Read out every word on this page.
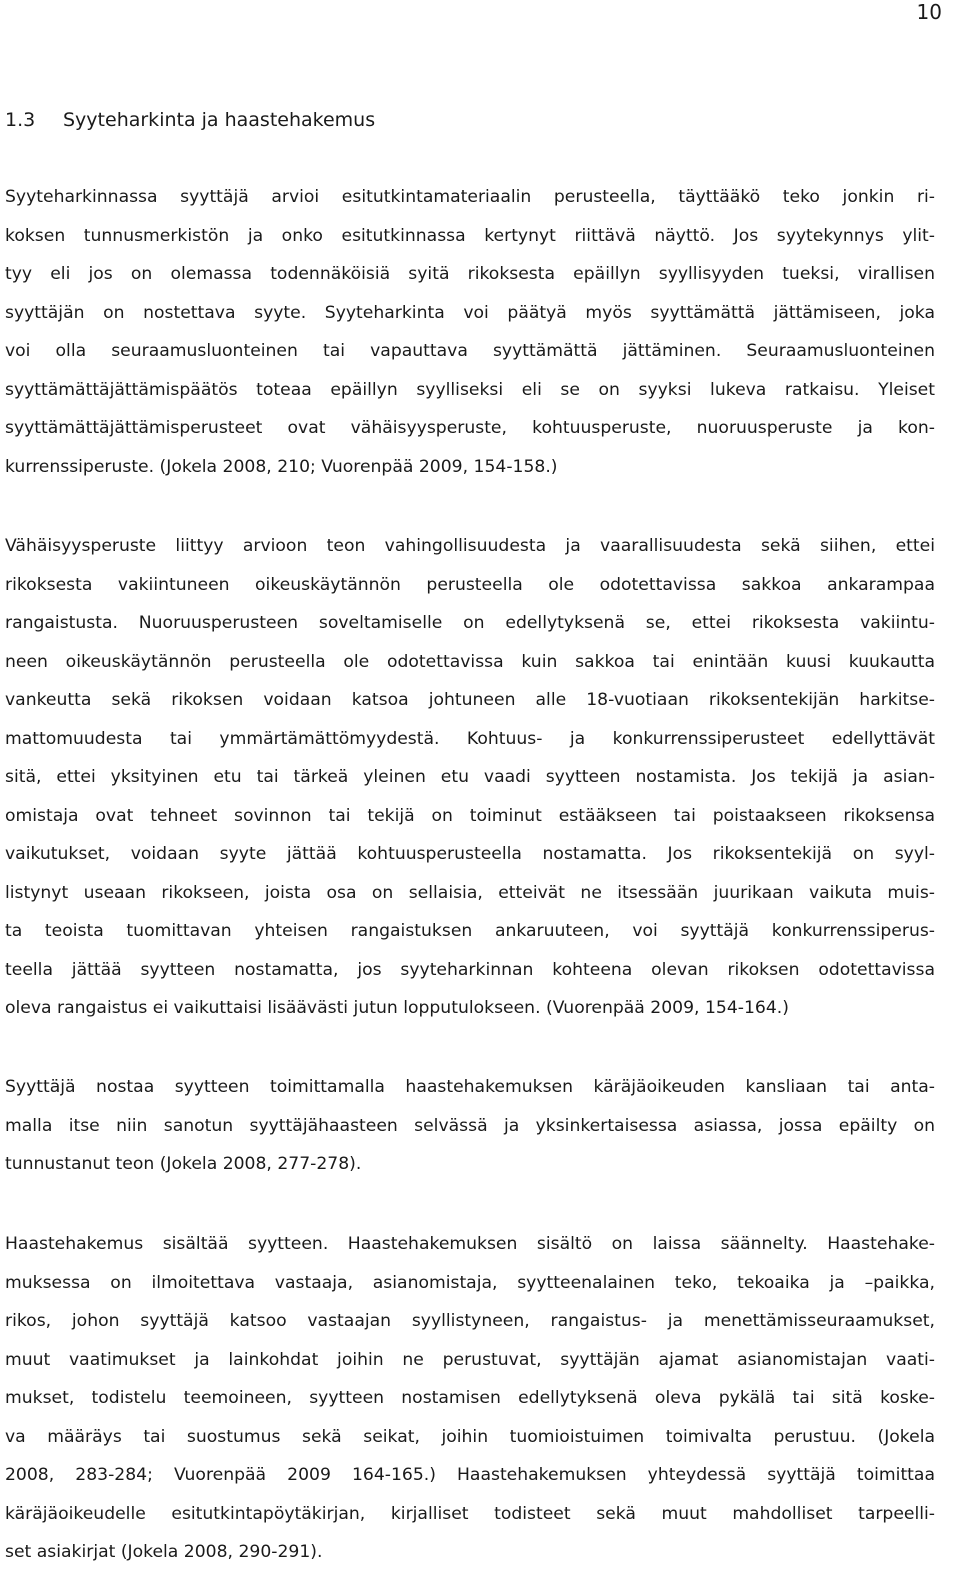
10
1.3 Syyteharkinta ja haastehakemus

Syyteharkinnassa syyttäjä arvioi esitutkintamateriaalin perusteella, täyttääkö teko jonkin ri-
koksen tunnusmerkistön ja onko esitutkinnassa kertynyt riittävä näyttö. Jos syytekynnys ylit-
tyy eli jos on olemassa todennäköisiä syitä rikoksesta epäillyn syyllisyyden tueksi, virallisen
syyttäjän on nostettava syyte. Syyteharkinta voi päätyä myös syyttämättä jättämiseen, joka
voi olla seuraamusluonteinen tai vapauttava syyttämättä jättäminen. Seuraamusluonteinen
syyttämättäjättämispäätös toteaa epäillyn syylliseksi eli se on syyksi lukeva ratkaisu. Yleiset
syyttämättäjättämisperusteet ovat vähäisyysperuste, kohtuusperuste, nuoruusperuste ja kon-
kurrenssiperuste. (Jokela 2008, 210; Vuorenpää 2009, 154-158.)

Vähäisyysperuste liittyy arvioon teon vahingollisuudesta ja vaarallisuudesta sekä siihen, ettei
rikoksesta vakiintuneen oikeuskäytännön perusteella ole odotettavissa sakkoa ankarampaa
rangaistusta. Nuoruusperusteen soveltamiselle on edellytyksenä se, ettei rikoksesta vakiintu-
neen oikeuskäytännön perusteella ole odotettavissa kuin sakkoa tai enintään kuusi kuukautta
vankeutta sekä rikoksen voidaan katsoa johtuneen alle 18-vuotiaan rikoksentekijän harkitse-
mattomuudesta tai ymmärtämättömyydestä. Kohtuus- ja konkurrenssiperusteet edellyttävät
sitä, ettei yksityinen etu tai tärkeä yleinen etu vaadi syytteen nostamista. Jos tekijä ja asian-
omistaja ovat tehneet sovinnon tai tekijä on toiminut estääkseen tai poistaakseen rikoksensa
vaikutukset, voidaan syyte jättää kohtuusperusteella nostamatta. Jos rikoksentekijä on syyl-
listynyt useaan rikokseen, joista osa on sellaisia, etteivät ne itsessään juurikaan vaikuta muis-
ta teoista tuomittavan yhteisen rangaistuksen ankaruuteen, voi syyttäjä konkurrenssiperus-
teella jättää syytteen nostamatta, jos syyteharkinnan kohteena olevan rikoksen odotettavissa
oleva rangaistus ei vaikuttaisi lisäävästi jutun lopputulokseen. (Vuorenpää 2009, 154-164.)

Syyttäjä nostaa syytteen toimittamalla haastehakemuksen käräjäoikeuden kansliaan tai anta-
malla itse niin sanotun syyttäjähaasteen selvässä ja yksinkertaisessa asiassa, jossa epäilty on
tunnustanut teon (Jokela 2008, 277-278).

Haastehakemus sisältää syytteen. Haastehakemuksen sisältö on laissa säännelty. Haastehake-
muksessa on ilmoitettava vastaaja, asianomistaja, syytteenalainen teko, tekoaika ja –paikka,
rikos, johon syyttäjä katsoo vastaajan syyllistyneen, rangaistus- ja menettämisseuraamukset,
muut vaatimukset ja lainkohdat joihin ne perustuvat, syyttäjän ajamat asianomistajan vaati-
mukset, todistelu teemoineen, syytteen nostamisen edellytyksenä oleva pykälä tai sitä koske-
va määräys tai suostumus sekä seikat, joihin tuomioistuimen toimivalta perustuu. (Jokela
2008, 283-284; Vuorenpää 2009 164-165.) Haastehakemuksen yhteydessä syyttäjä toimittaa
käräjäoikeudelle esitutkintapöytäkirjan, kirjalliset todisteet sekä muut mahdolliset tarpeelli-
set asiakirjat (Jokela 2008, 290-291).
